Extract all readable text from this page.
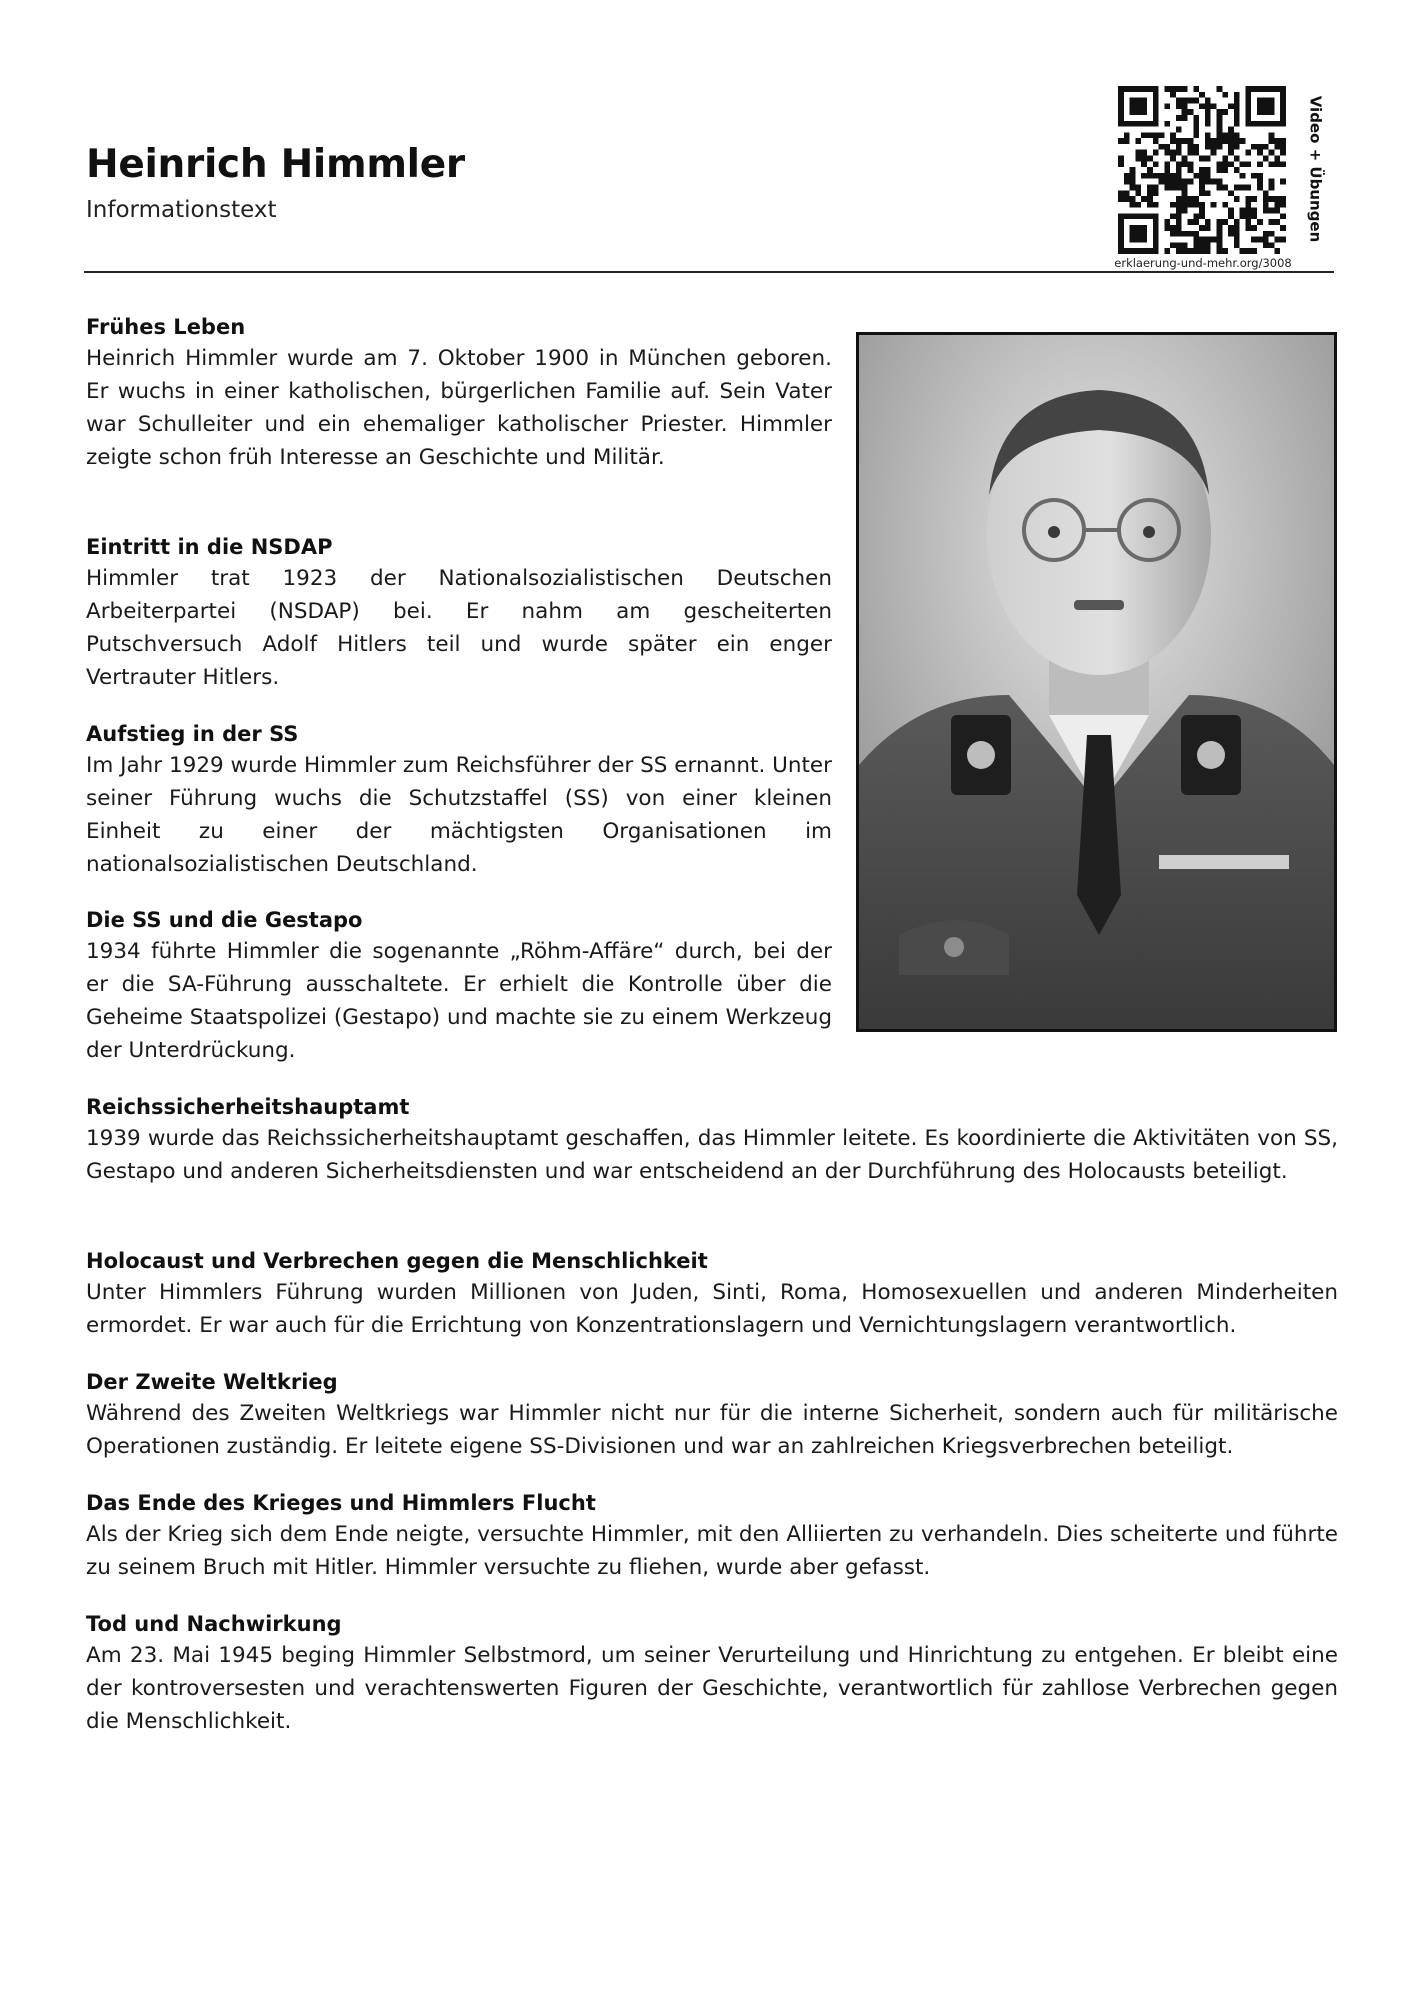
Heinrich Himmler
Informationstext
erklaerung-und-mehr.org/3008
Video + Übungen
Frühes Leben

Heinrich Himmler wurde am 7. Oktober 1900 in München geboren. Er wuchs in einer katholischen, bürgerlichen Familie auf. Sein Vater war Schulleiter und ein ehemaliger katholischer Priester. Himmler zeigte schon früh Interesse an Geschichte und Militär.

Eintritt in die NSDAP

Himmler trat 1923 der Nationalsozialistischen Deutschen Arbeiterpartei (NSDAP) bei. Er nahm am gescheiterten Putschversuch Adolf Hitlers teil und wurde später ein enger Vertrauter Hitlers.

Aufstieg in der SS

Im Jahr 1929 wurde Himmler zum Reichsführer der SS ernannt. Unter seiner Führung wuchs die Schutzstaffel (SS) von einer kleinen Einheit zu einer der mächtigsten Organisationen im nationalsozialistischen Deutschland.

Die SS und die Gestapo

1934 führte Himmler die sogenannte „Röhm-Affäre“ durch, bei der er die SA-Führung ausschaltete. Er erhielt die Kontrolle über die Geheime Staatspolizei (Gestapo) und machte sie zu einem Werkzeug der Unterdrückung.

Reichssicherheitshauptamt

1939 wurde das Reichssicherheitshauptamt geschaffen, das Himmler leitete. Es koordinierte die Aktivitäten von SS, Gestapo und anderen Sicherheitsdiensten und war entscheidend an der Durchführung des Holocausts beteiligt.

Holocaust und Verbrechen gegen die Menschlichkeit

Unter Himmlers Führung wurden Millionen von Juden, Sinti, Roma, Homosexuellen und anderen Minderheiten ermordet. Er war auch für die Errichtung von Konzentrationslagern und Vernichtungslagern verantwortlich.

Der Zweite Weltkrieg

Während des Zweiten Weltkriegs war Himmler nicht nur für die interne Sicherheit, sondern auch für militärische Operationen zuständig. Er leitete eigene SS-Divisionen und war an zahlreichen Kriegsverbrechen beteiligt.

Das Ende des Krieges und Himmlers Flucht

Als der Krieg sich dem Ende neigte, versuchte Himmler, mit den Alliierten zu verhandeln. Dies scheiterte und führte zu seinem Bruch mit Hitler. Himmler versuchte zu fliehen, wurde aber gefasst.

Tod und Nachwirkung

Am 23. Mai 1945 beging Himmler Selbstmord, um seiner Verurteilung und Hinrichtung zu entgehen. Er bleibt eine der kontroversesten und verachtenswerten Figuren der Geschichte, verantwortlich für zahllose Verbrechen gegen die Menschlichkeit.
